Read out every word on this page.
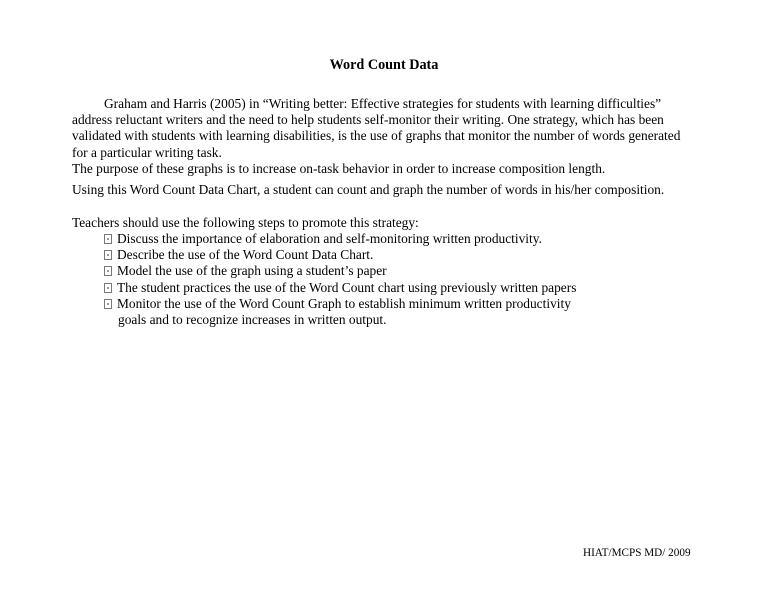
Word Count Data
Graham and Harris (2005) in “Writing better: Effective strategies for students with learning difficulties”
address reluctant writers and the need to help students self-monitor their writing. One strategy, which has been
validated with students with learning disabilities, is the use of graphs that monitor the number of words generated
for a particular writing task.
The purpose of these graphs is to increase on-task behavior in order to increase composition length.
Using this Word Count Data Chart, a student can count and graph the number of words in his/her composition.
Teachers should use the following steps to promote this strategy:
Discuss the importance of elaboration and self-monitoring written productivity.
Describe the use of the Word Count Data Chart.
Model the use of the graph using a student’s paper
The student practices the use of the Word Count chart using previously written papers
Monitor the use of the Word Count Graph to establish minimum written productivity
goals and to recognize increases in written output.
HIAT/MCPS MD/ 2009
